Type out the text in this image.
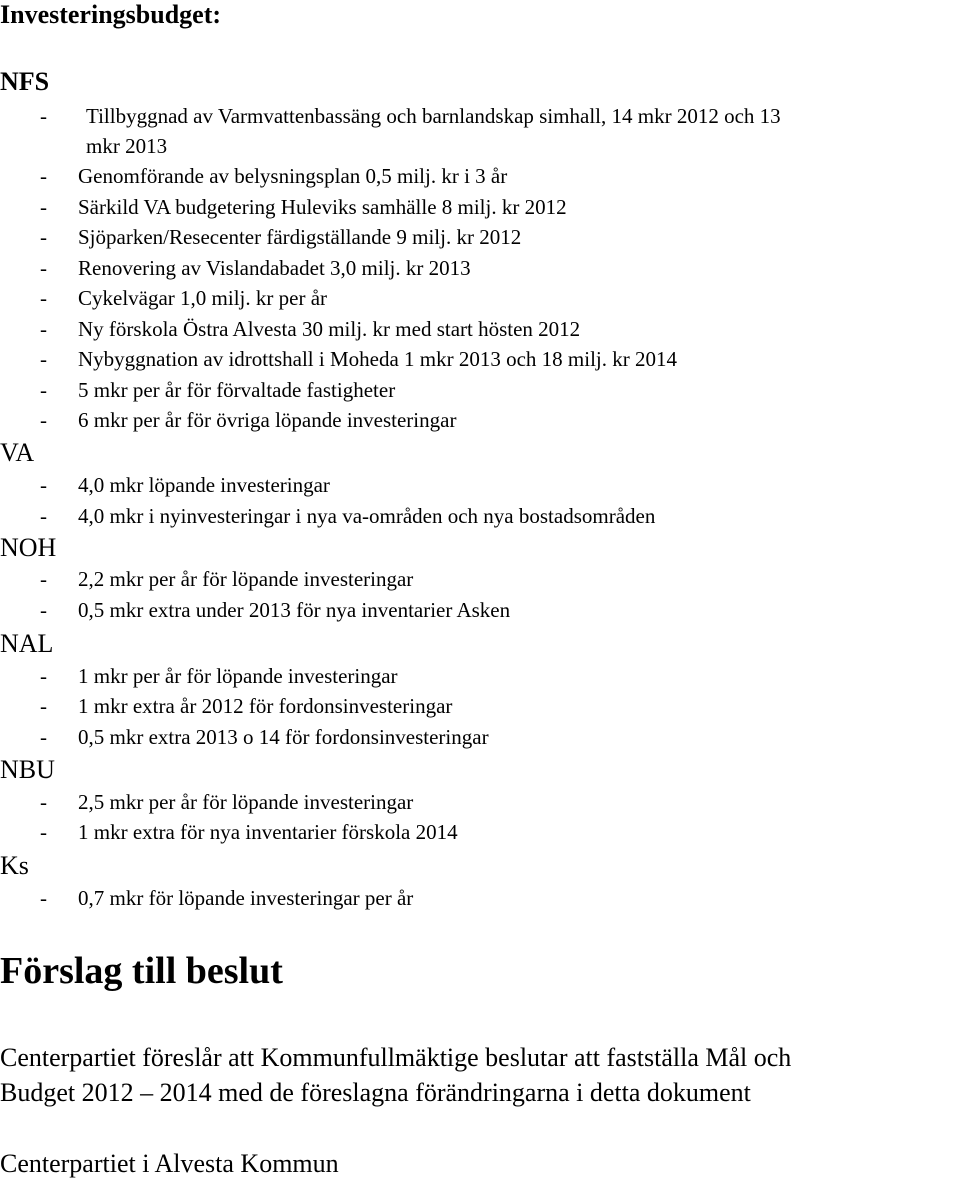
Investeringsbudget:
NFS
- Tillbyggnad av Varmvattenbassäng och barnlandskap simhall, 14 mkr 2012 och 13
mkr 2013
- Genomförande av belysningsplan 0,5 milj. kr i 3 år
- Särkild VA budgetering Huleviks samhälle 8 milj. kr 2012
- Sjöparken/Resecenter färdigställande 9 milj. kr 2012
- Renovering av Vislandabadet 3,0 milj. kr 2013
- Cykelvägar 1,0 milj. kr per år
- Ny förskola Östra Alvesta 30 milj. kr med start hösten 2012
- Nybyggnation av idrottshall i Moheda 1 mkr 2013 och 18 milj. kr 2014
- 5 mkr per år för förvaltade fastigheter
- 6 mkr per år för övriga löpande investeringar
VA
- 4,0 mkr löpande investeringar
- 4,0 mkr i nyinvesteringar i nya va-områden och nya bostadsområden
NOH
- 2,2 mkr per år för löpande investeringar
- 0,5 mkr extra under 2013 för nya inventarier Asken
NAL
- 1 mkr per år för löpande investeringar
- 1 mkr extra år 2012 för fordonsinvesteringar
- 0,5 mkr extra 2013 o 14 för fordonsinvesteringar
NBU
- 2,5 mkr per år för löpande investeringar
- 1 mkr extra för nya inventarier förskola 2014
Ks
- 0,7 mkr för löpande investeringar per år
Förslag till beslut

Centerpartiet föreslår att Kommunfullmäktige beslutar att fastställa Mål och

Budget 2012 – 2014 med de föreslagna förändringarna i detta dokument

Centerpartiet i Alvesta Kommun
